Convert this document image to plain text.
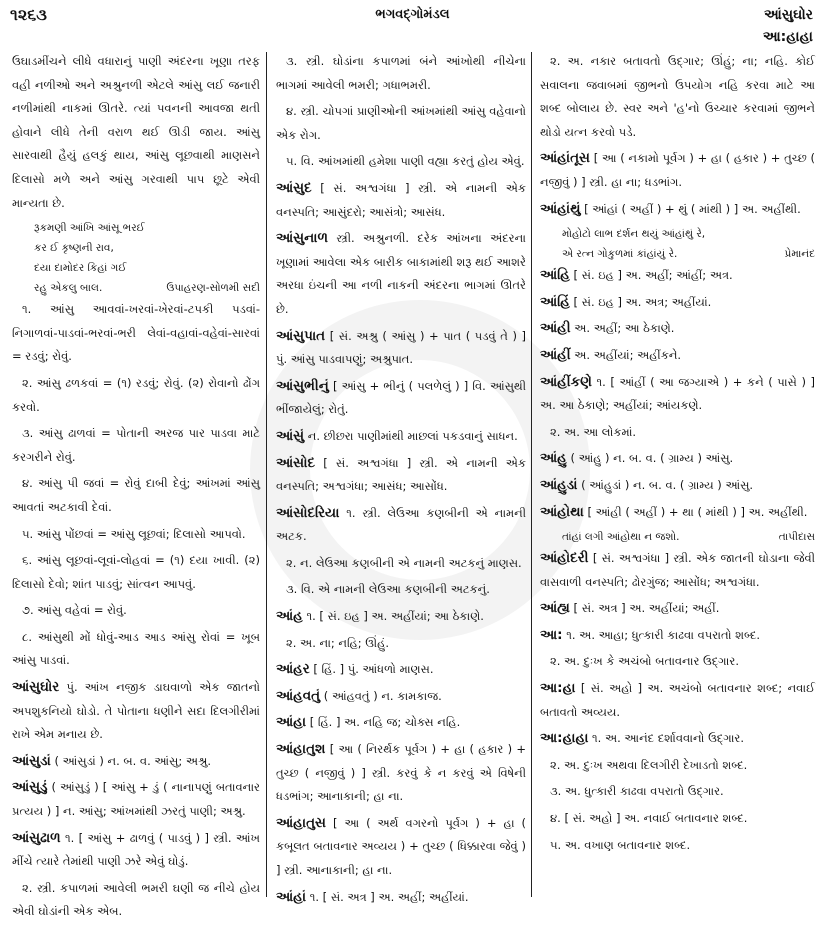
૧૨૬૩	ભગવદ્ગોમંડલ	આંસુઘોર
આ:હાહા
ઉઘાડમીંચને લીધે વધારાનું પાણી અંદરના ખૂણા તરફ વહી નળીઓ અને અશ્રુનળી એટલે આંસુ લઈ જનારી નળીમાંથી નાકમાં ઊતરે. ત્યાં પવનની આવજા થતી હોવાને લીધે તેની વરાળ થઈ ઊડી જાય. આંસુ સારવાથી હૈયું હલકું થાય, આંસુ લૂછવાથી માણસને દિલાસો મળે અને આંસુ ગરવાથી પાપ છૂટે એવી માન્યતા છે.
રૂકમણી આંખિ આંસૂ ભરઈ
કર ઈ કૃષ્ણની રાવ,
દયા દામોદર કિહાં ગઈ
રહુ એકલુ બાલ.	ઉપાહરણ-સોળમી સદી
૧. આંસુ આવવાં-ખરવાં-ખેરવાં-ટપકી પડવાં-નિગાળવાં-પાડવાં-ભરવાં-ભરી લેવાં-વહાવાં-વહેવાં-સારવાં = રડવું; રોવું.
૨. આંસુ ઢળકવાં = (૧) રડવું; રોવું. (૨) રોવાનો ઢોંગ કરવો.
૩. આંસુ ઢાળવાં = પોતાની અરજ પાર પાડવા માટે કરગરીને રોવું.
૪. આંસુ પી જવાં = રોવું દાબી દેવું; આંખમાં આંસુ આવતાં અટકાવી દેવાં.
૫. આંસુ પોંછવાં = આંસુ લૂછવાં; દિલાસો આપવો.
૬. આંસુ લૂછવાં-લૂવાં-લોહવાં = (૧) દયા ખાવી. (૨) દિલાસો દેવો; શાંત પાડવું; સાંત્વન આપવું.
૭. આંસુ વહેવાં = રોવું.
૮. આંસુથી મોં ધોવું-આડ આડ આંસુ રોવાં = ખૂબ આંસુ પાડવાં.
આંસુઘોર પું. આંખ નજીક ડાઘવાળો એક જાતનો અપશુકનિયો ઘોડો. તે પોતાના ધણીને સદા દિલગીરીમાં રાખે એમ મનાય છે.
આંસુડાં ( આંસુડાં ) ન. બ. વ. આંસુ; અશ્રુ.
આંસુડું ( આંસુડું ) [ આંસુ + ડું ( નાનાપણું બતાવનાર પ્રત્યય ) ] ન. આંસુ; આંખમાંથી ઝરતું પાણી; અશ્રુ.
આંસુઢાળ ૧. [ આંસુ + ઢાળવું ( પાડવું ) ] સ્ત્રી. આંખ મીંચે ત્યારે તેમાંથી પાણી ઝરે એવું ઘોડું.
૨. સ્ત્રી. કપાળમાં આવેલી ભમરી ઘણી જ નીચે હોય એવી ઘોડાંની એક એબ.
૩. સ્ત્રી. ઘોડાંના કપાળમાં બંને આંખોથી નીચેના ભાગમાં આવેલી ભમરી; ગધાભમરી.
૪. સ્ત્રી. ચોપગાં પ્રાણીઓની આંખમાંથી આંસુ વહેવાનો એક રોગ.
૫. વિ. આંખમાંથી હમેશા પાણી વહ્યા કરતું હોય એવું.
આંસુદ [ સં. અશ્વગંધા ] સ્ત્રી. એ નામની એક વનસ્પતિ; આસુંદરો; આસંત્રો; આસંધ.
આંસુનાળ સ્ત્રી. અશ્રુનળી. દરેક આંખના અંદરના ખૂણામાં આવેલા એક બારીક બાકામાંથી શરૂ થઈ આશરે અરધા ઇંચની આ નળી નાકની અંદરના ભાગમાં ઊતરે છે.
આંસુપાત [ સં. અશ્રુ ( આંસુ ) + પાત ( પડવું તે ) ] પું. આંસુ પાડવાપણું; અશ્રુપાત.
આંસુભીનું [ આંસુ + ભીનું ( પલળેલું ) ] વિ. આંસુથી ભીંજાયેલું; રોતું.
આંસું ન. છીછરા પાણીમાંથી માછલાં પકડવાનું સાધન.
આંસોદ [ સં. અશ્વગંધા ] સ્ત્રી. એ નામની એક વનસ્પતિ; અશ્વગંધા; આસંધ; આસોંધ.
આંસોદરિયા ૧. સ્ત્રી. લેઉઆ કણબીની એ નામની અટક.
૨. ન. લેઉઆ કણબીની એ નામની અટકનું માણસ.
૩. વિ. એ નામની લેઉઆ કણબીની અટકનું.
આંહ ૧. [ સં. ઇહ ] અ. અહીંયાં; આ ઠેકાણે.
૨. અ. ના; નહિ; ઊંહું.
આંહર [ હિં. ] પું. આંધળો માણસ.
આંહવતું ( આંહવતું ) ન. કામકાજ.
આંહા [ હિં. ] અ. નહિ જ; ચોક્સ નહિ.
આંહાતુશ [ આ ( નિરર્થક પૂર્વગ ) + હા ( હકાર ) + તુચ્છ ( નજીવું ) ] સ્ત્રી. કરવું કે ન કરવું એ વિષેની ધડભાંગ; આનાકાની; હા ના.
આંહાતુસ [ આ ( અર્થ વગરનો પૂર્વગ ) + હા ( કબૂલત બતાવનાર અવ્યય ) + તુચ્છ ( ધિક્કારવા જેવું ) ] સ્ત્રી. આનાકાની; હા ના.
આંહાં ૧. [ સં. અત્ર ] અ. અહીં; અહીંયાં.
૨. અ. નકાર બતાવતો ઉદ્ગાર; ઊંહું; ના; નહિ. કોઈ સવાલના જવાબમાં જીભનો ઉપયોગ નહિ કરવા માટે આ શબ્દ બોલાય છે. સ્વર અને 'હ'નો ઉચ્ચાર કરવામાં જીભને થોડો યત્ન કરવો પડે.
આંહાંતૂસ [ આ ( નકામો પૂર્વગ ) + હા ( હકાર ) + તુચ્છ ( નજીવું ) ] સ્ત્રી. હા ના; ધડભાંગ.
આંહાંથું [ આંહાં ( અહીં ) + થું ( માંથી ) ] અ. અહીંથી.
મોહોટો લાભ દર્શન થયું આંહાંથું રે,
એ રત્ન ગોકુળમાં કાંહાંયું રે.	પ્રેમાનંદ
આંહિ [ સં. ઇહ ] અ. અહીં; આંહીં; અત્ર.
આંહિં [ સં. ઇહ ] અ. અત્ર; અહીંયાં.
આંહી અ. અહીં; આ ઠેકાણે.
આંહીં અ. અહીંયાં; અહીંકને.
આંહીંકણે ૧. [ આંહીં ( આ જગ્યાએ ) + કને ( પાસે ) ] અ. આ ઠેકાણે; અહીંયાં; આંયકણે.
૨. અ. આ લોકમાં.
આંહુ ( આંહુ ) ન. બ. વ. ( ગ્રામ્ય ) આંસુ.
આંહુડાં ( આંહુડાં ) ન. બ. વ. ( ગ્રામ્ય ) આંસુ.
આંહોથા [ આંહી ( અહીં ) + થા ( માંથી ) ] અ. અહીંથી.
તાંહાં લગી આંહોથા ન જશો.	તાપીદાસ
આંહોદરી [ સં. અશ્વગંધા ] સ્ત્રી. એક જાતની ઘોડાના જેવી વાસવાળી વનસ્પતિ; ઢોરગુંજ; આસોંધ; અશ્વગંધા.
આંહ્ય [ સં. અત્ર ] અ. અહીંયાં; અહીં.
આ: ૧. અ. આહા; ધુત્કારી કાઢવા વપરાતો શબ્દ.
૨. અ. દુઃખ કે અચંબો બતાવનાર ઉદ્ગાર.
આ:હા [ સં. અહો ] અ. અચંબો બતાવનાર શબ્દ; નવાઈ બતાવતો અવ્યય.
આ:હાહા ૧. અ. આનંદ દર્શાવવાનો ઉદ્ગાર.
૨. અ. દુઃખ અથવા દિલગીરી દેખાડતો શબ્દ.
૩. અ. ધુત્કારી કાઢવા વપરાતો ઉદ્ગાર.
૪. [ સં. અહો ] અ. નવાઈ બતાવનાર શબ્દ.
૫. અ. વખાણ બતાવનાર શબ્દ.
